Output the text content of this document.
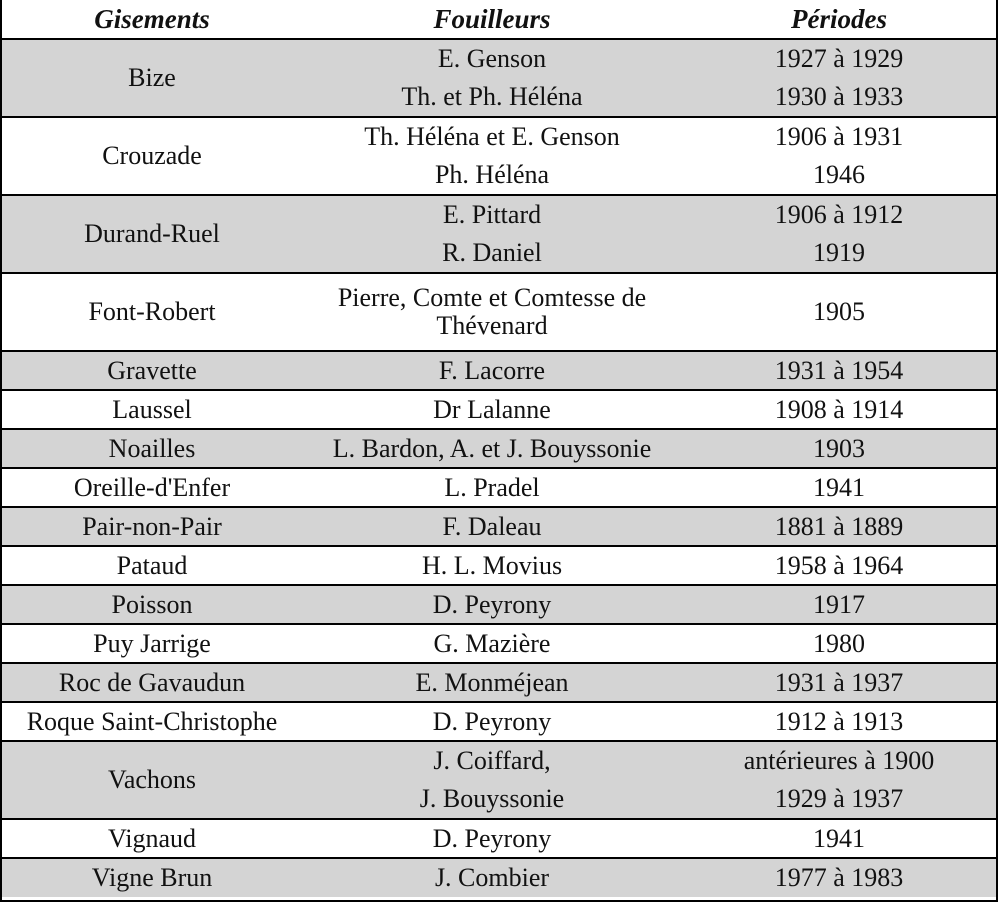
Gisements	Fouilleurs	Périodes
Bize	E. Genson	1927 à 1929
	Th. et Ph. Héléna	1930 à 1933
Crouzade	Th. Héléna et E. Genson	1906 à 1931
	Ph. Héléna	1946
Durand-Ruel	E. Pittard	1906 à 1912
	R. Daniel	1919
Font-Robert	Pierre, Comte et Comtesse de Thévenard	1905
Gravette	F. Lacorre	1931 à 1954
Laussel	Dr Lalanne	1908 à 1914
Noailles	L. Bardon, A. et J. Bouyssonie	1903
Oreille-d'Enfer	L. Pradel	1941
Pair-non-Pair	F. Daleau	1881 à 1889
Pataud	H. L. Movius	1958 à 1964
Poisson	D. Peyrony	1917
Puy Jarrige	G. Mazière	1980
Roc de Gavaudun	E. Monméjean	1931 à 1937
Roque Saint-Christophe	D. Peyrony	1912 à 1913
Vachons	J. Coiffard,	antérieures à 1900
	J. Bouyssonie	1929 à 1937
Vignaud	D. Peyrony	1941
Vigne Brun	J. Combier	1977 à 1983
